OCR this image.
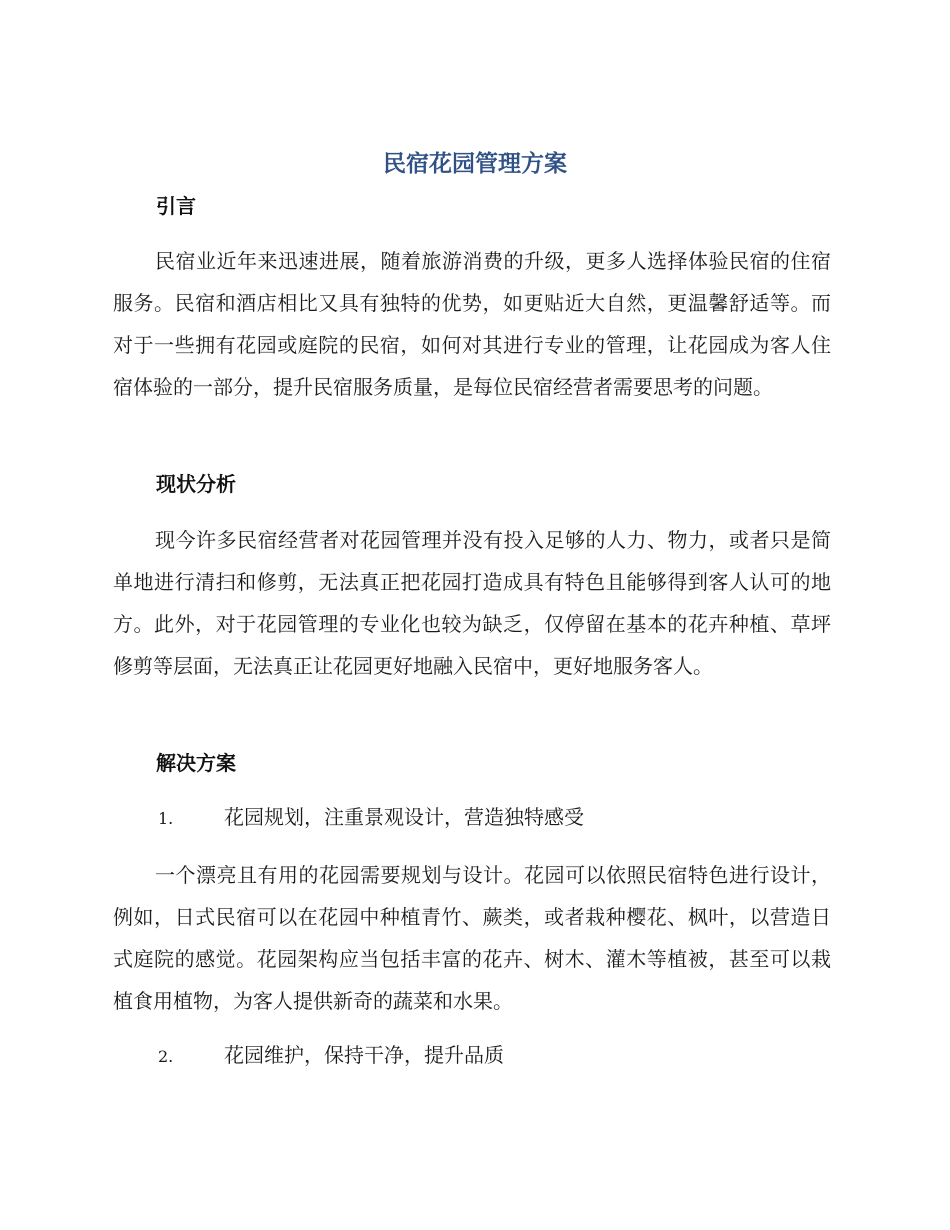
民宿花园管理方案
引言

民宿业近年来迅速进展，随着旅游消费的升级，更多人选择体验民宿的住宿服务。民宿和酒店相比又具有独特的优势，如更贴近大自然，更温馨舒适等。而对于一些拥有花园或庭院的民宿，如何对其进行专业的管理，让花园成为客人住宿体验的一部分，提升民宿服务质量，是每位民宿经营者需要思考的问题。

现状分析

现今许多民宿经营者对花园管理并没有投入足够的人力、物力，或者只是简单地进行清扫和修剪，无法真正把花园打造成具有特色且能够得到客人认可的地方。此外，对于花园管理的专业化也较为缺乏，仅停留在基本的花卉种植、草坪修剪等层面，无法真正让花园更好地融入民宿中，更好地服务客人。

解决方案
1.	花园规划，注重景观设计，营造独特感受

一个漂亮且有用的花园需要规划与设计。花园可以依照民宿特色进行设计，例如，日式民宿可以在花园中种植青竹、蕨类，或者栽种樱花、枫叶，以营造日式庭院的感觉。花园架构应当包括丰富的花卉、树木、灌木等植被，甚至可以栽植食用植物，为客人提供新奇的蔬菜和水果。

2.	花园维护，保持干净，提升品质
